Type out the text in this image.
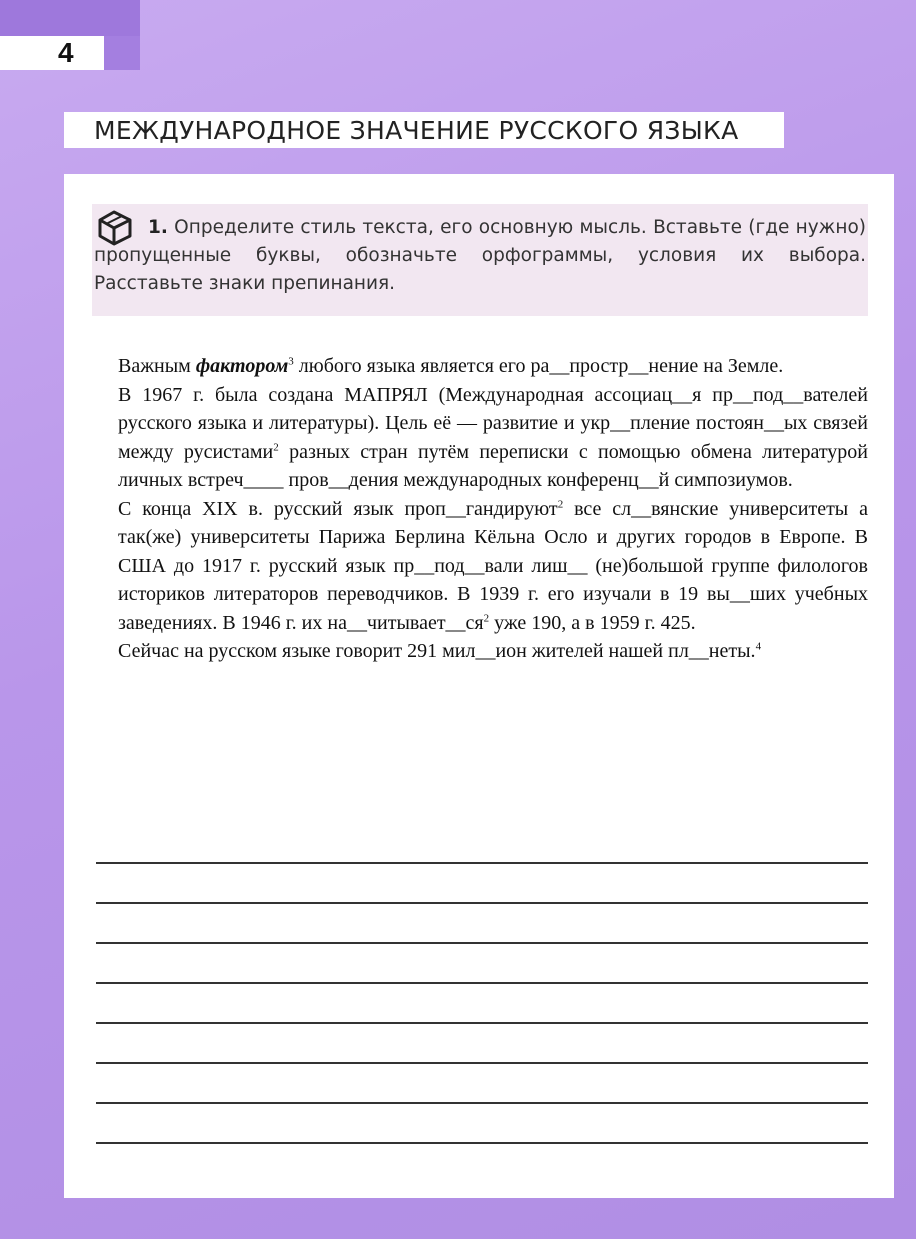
4
МЕЖДУНАРОДНОЕ ЗНАЧЕНИЕ РУССКОГО ЯЗЫКА
1. Определите стиль текста, его основную мысль. Вставьте (где нужно) пропущенные буквы, обозначьте орфограммы, условия их выбора. Расставьте знаки препинания.

Важным фактором$^3$ любого языка является его ра__простр__нение на Земле.

В 1967 г. была создана МАПРЯЛ (Международная ассоциац__я пр__под__вателей русского языка и литературы). Цель её — развитие и укр__пление постоян__ых связей между русистами$^2$ разных стран путём переписки с помощью обмена литературой личных встреч____ пров__дения международных конференц__й симпозиумов.

С конца XIX в. русский язык проп__гандируют$^2$ все сл__вянские университеты а так(же) университеты Парижа Берлина Кёльна Осло и других городов в Европе. В США до 1917 г. русский язык пр__под__вали лиш__ (не)большой группе филологов историков литераторов переводчиков. В 1939 г. его изучали в 19 вы__ших учебных заведениях. В 1946 г. их $на\_\_читывает\_\_ся^2$ уже 190, а в 1959 г. 425.

Сейчас на русском языке говорит 291 мил__ион жителей нашей пл__неты.$^4$
